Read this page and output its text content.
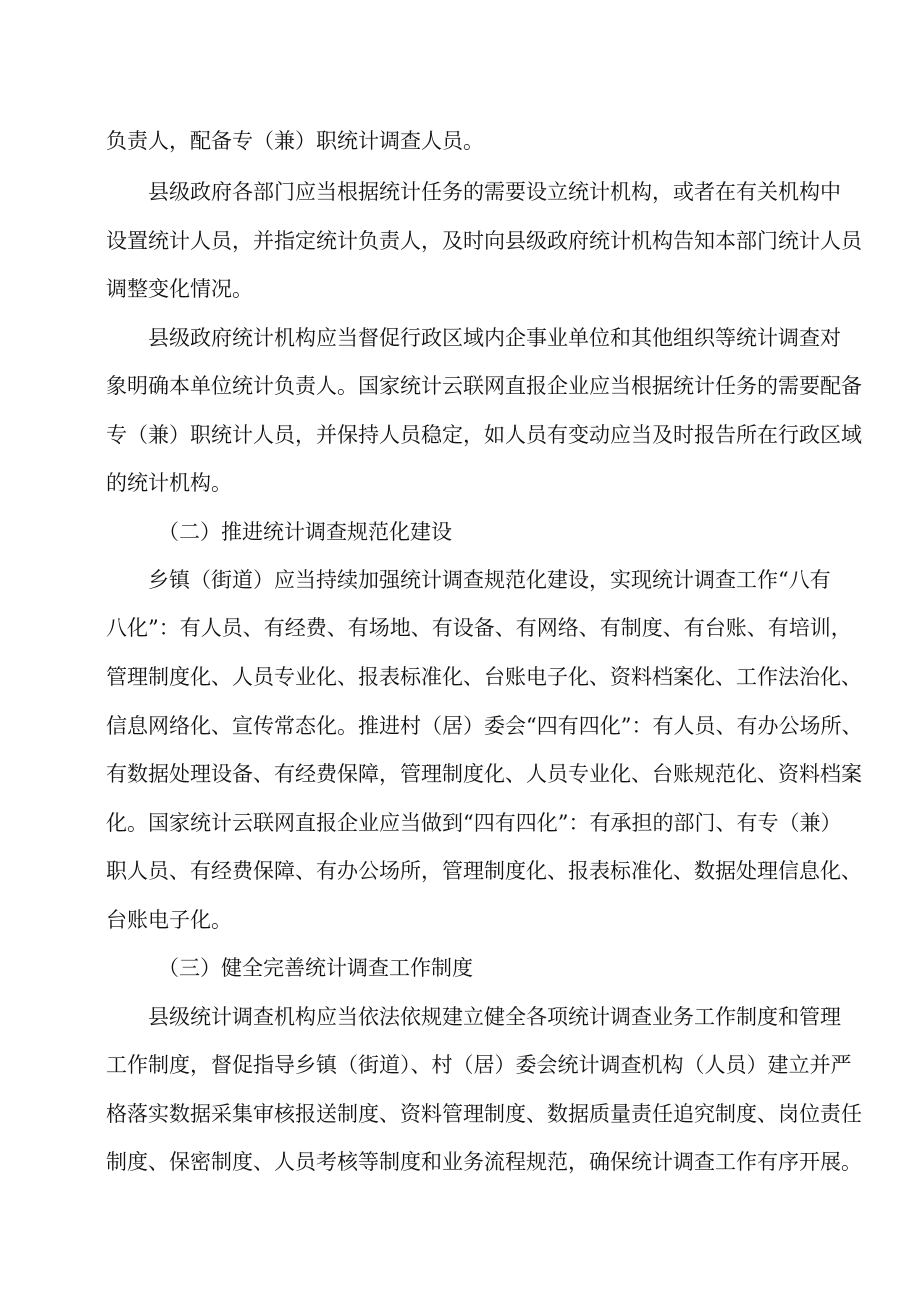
负责人，配备专（兼）职统计调查人员。
县级政府各部门应当根据统计任务的需要设立统计机构，或者在有关机构中
设置统计人员，并指定统计负责人，及时向县级政府统计机构告知本部门统计人员
调整变化情况。
县级政府统计机构应当督促行政区域内企事业单位和其他组织等统计调查对
象明确本单位统计负责人。国家统计云联网直报企业应当根据统计任务的需要配备
专（兼）职统计人员，并保持人员稳定，如人员有变动应当及时报告所在行政区域
的统计机构。
（二）推进统计调查规范化建设
乡镇（街道）应当持续加强统计调查规范化建设，实现统计调查工作“八有
八化”：有人员、有经费、有场地、有设备、有网络、有制度、有台账、有培训，
管理制度化、人员专业化、报表标准化、台账电子化、资料档案化、工作法治化、
信息网络化、宣传常态化。推进村（居）委会“四有四化”：有人员、有办公场所、
有数据处理设备、有经费保障，管理制度化、人员专业化、台账规范化、资料档案
化。国家统计云联网直报企业应当做到“四有四化”：有承担的部门、有专（兼）
职人员、有经费保障、有办公场所，管理制度化、报表标准化、数据处理信息化、
台账电子化。
（三）健全完善统计调查工作制度
县级统计调查机构应当依法依规建立健全各项统计调查业务工作制度和管理
工作制度，督促指导乡镇（街道）、村（居）委会统计调查机构（人员）建立并严
格落实数据采集审核报送制度、资料管理制度、数据质量责任追究制度、岗位责任
制度、保密制度、人员考核等制度和业务流程规范，确保统计调查工作有序开展。
